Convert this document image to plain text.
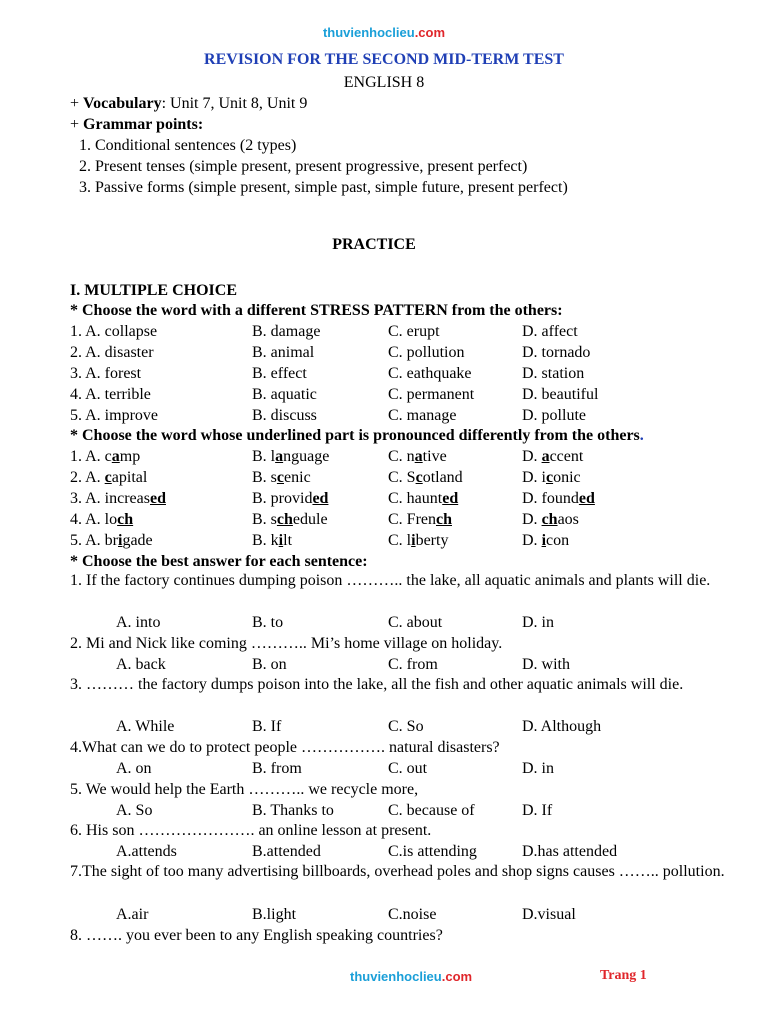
thuvienhoclieu.com
REVISION FOR THE SECOND MID-TERM TEST
ENGLISH 8
+ Vocabulary: Unit 7, Unit 8, Unit 9
+ Grammar points:
1. Conditional sentences (2 types)
2. Present tenses (simple present, present progressive, present perfect)
3. Passive forms (simple present, simple past, simple future, present perfect)
PRACTICE
I. MULTIPLE CHOICE
* Choose the word with a different STRESS PATTERN from the others:
1. A. collapse	B. damage	C. erupt	D. affect
2. A. disaster	B. animal	C. pollution	D. tornado
3. A. forest	B. effect	C. eathquake	D. station
4. A. terrible	B. aquatic	C. permanent	D. beautiful
5. A. improve	B. discuss	C. manage	D. pollute
* Choose the word whose underlined part is pronounced differently from the others.
1. A. camp	B. language	C. native	D. accent
2. A. capital	B. scenic	C. Scotland	D. iconic
3. A. increased	B. provided	C. haunted	D. founded
4. A. loch	B. schedule	C. French	D. chaos
5. A. brigade	B. kilt	C. liberty	D. icon
* Choose the best answer for each sentence:
1. If the factory continues dumping poison ……….. the lake, all aquatic animals and plants will die.
A. into	B. to	C. about	D. in
2. Mi and Nick like coming ……….. Mi’s home village on holiday.
A. back	B. on	C. from	D. with
3. ……… the factory dumps poison into the lake, all the fish and other aquatic animals will die.
A. While	B. If	C. So	D. Although
4.What can we do to protect people ……………. natural disasters?
A. on	B. from	C. out	D. in
5. We would help the Earth ……….. we recycle more,
A. So	B. Thanks to	C. because of	D. If
6. His son …………………. an online lesson at present.
A.attends	B.attended	C.is attending	D.has attended
7.The sight of too many advertising billboards, overhead poles and shop signs causes …….. pollution.
A.air	B.light	C.noise	D.visual
8. ……. you ever been to any English speaking countries?
thuvienhoclieu.com	Trang 1
